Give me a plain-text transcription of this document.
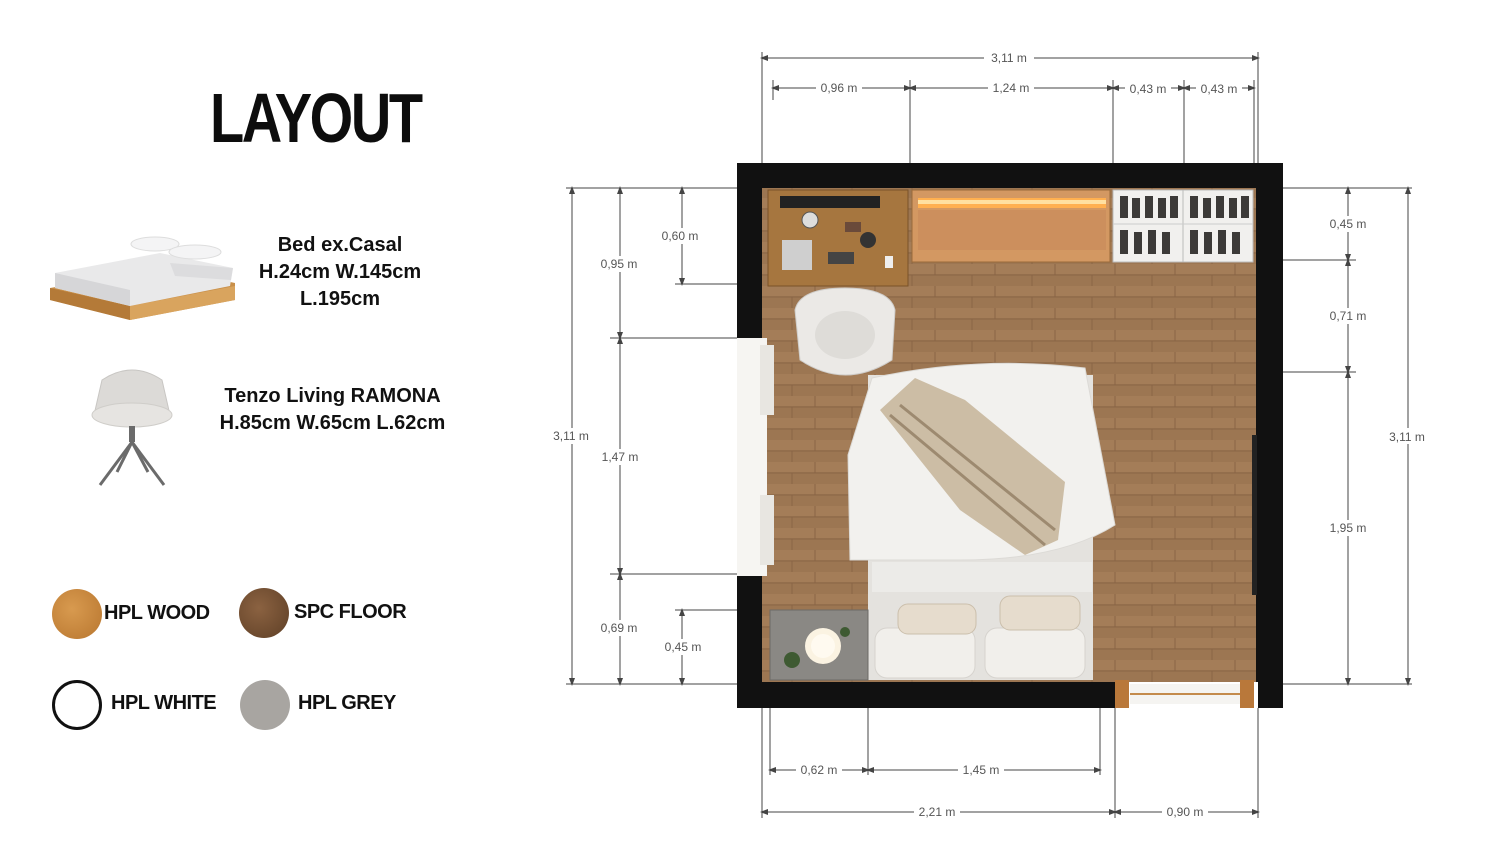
LAYOUT
Bed ex.Casal
H.24cm W.145cm
L.195cm
Tenzo Living RAMONA
H.85cm W.65cm L.62cm
HPL WOOD	SPC FLOOR
HPL WHITE	HPL GREY
3,11 m
0,96 m	1,24 m	0,43 m	0,43 m
3,11 m
0,95 m
0,60 m
1,47 m
0,69 m
0,45 m
3,11 m
0,45 m
0,71 m
1,95 m
0,62 m	1,45 m
2,21 m	0,90 m
